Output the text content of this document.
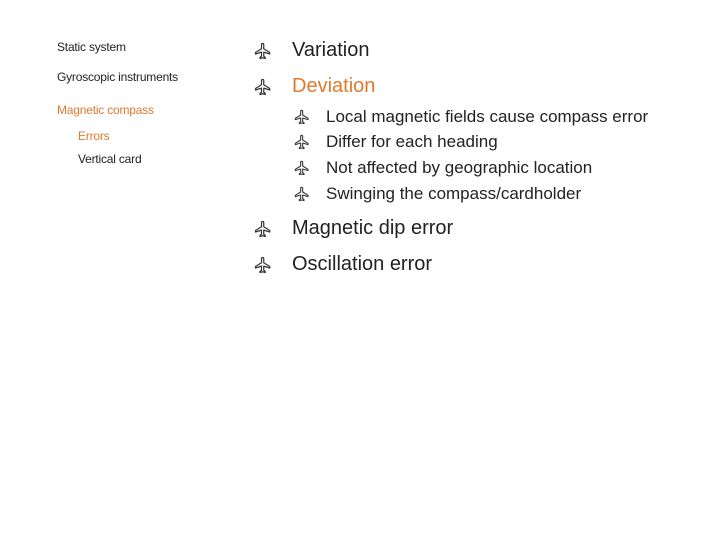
Static system
Gyroscopic instruments
Magnetic compass
Errors
Vertical card
Variation
Deviation
Local magnetic fields cause compass error
Differ for each heading
Not affected by geographic location
Swinging the compass/cardholder
Magnetic dip error
Oscillation error
